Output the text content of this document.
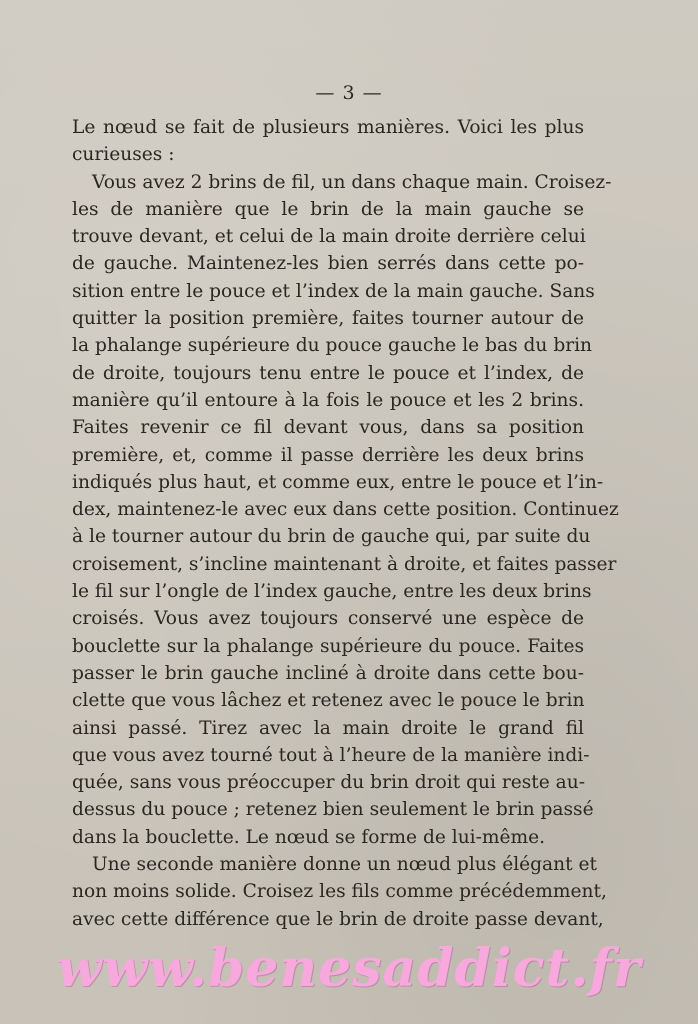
— 3 —
Le nœud se fait de plusieurs manières. Voici les plus
curieuses :
Vous avez 2 brins de fil, un dans chaque main. Croisez-
les de manière que le brin de la main gauche se
trouve devant, et celui de la main droite derrière celui
de gauche. Maintenez-les bien serrés dans cette po-
sition entre le pouce et l’index de la main gauche. Sans
quitter la position première, faites tourner autour de
la phalange supérieure du pouce gauche le bas du brin
de droite, toujours tenu entre le pouce et l’index, de
manière qu’il entoure à la fois le pouce et les 2 brins.
Faites revenir ce fil devant vous, dans sa position
première, et, comme il passe derrière les deux brins
indiqués plus haut, et comme eux, entre le pouce et l’in-
dex, maintenez-le avec eux dans cette position. Continuez
à le tourner autour du brin de gauche qui, par suite du
croisement, s’incline maintenant à droite, et faites passer
le fil sur l’ongle de l’index gauche, entre les deux brins
croisés. Vous avez toujours conservé une espèce de
bouclette sur la phalange supérieure du pouce. Faites
passer le brin gauche incliné à droite dans cette bou-
clette que vous lâchez et retenez avec le pouce le brin
ainsi passé. Tirez avec la main droite le grand fil
que vous avez tourné tout à l’heure de la manière indi-
quée, sans vous préoccuper du brin droit qui reste au-
dessus du pouce ; retenez bien seulement le brin passé
dans la bouclette. Le nœud se forme de lui-même.
Une seconde manière donne un nœud plus élégant et
non moins solide. Croisez les fils comme précédemment,
avec cette différence que le brin de droite passe devant,
www.benesaddict.fr
